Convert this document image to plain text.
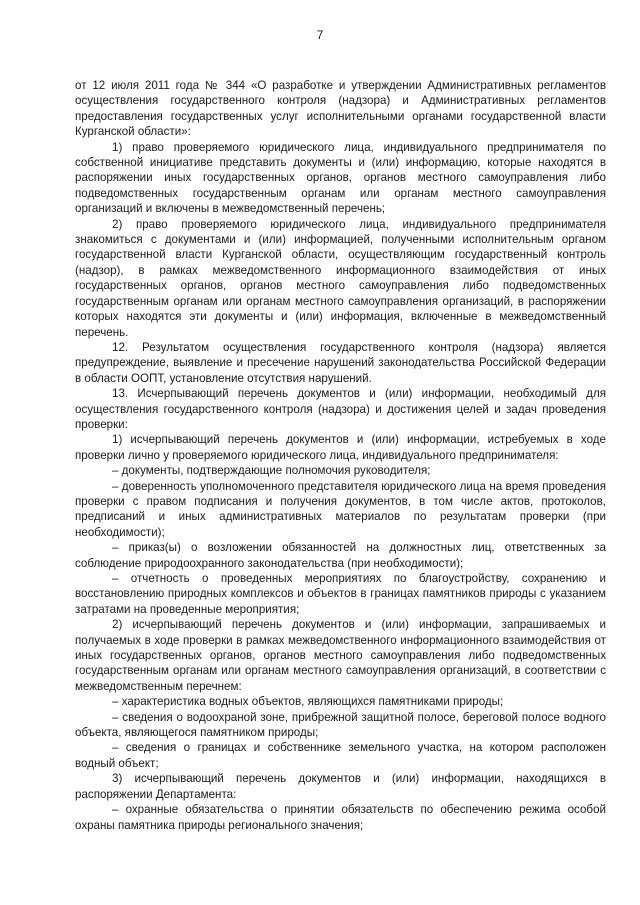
7

от 12 июля 2011 года № 344 «О разработке и утверждении Административных регламентов осуществления государственного контроля (надзора) и Административных регламентов предоставления государственных услуг исполнительными органами государственной власти Курганской области»:

1) право проверяемого юридического лица, индивидуального предпринимателя по собственной инициативе представить документы и (или) информацию, которые находятся в распоряжении иных государственных органов, органов местного самоуправления либо подведомственных государственным органам или органам местного самоуправления организаций и включены в межведомственный перечень;

2) право проверяемого юридического лица, индивидуального предпринимателя знакомиться с документами и (или) информацией, полученными исполнительным органом государственной власти Курганской области, осуществляющим государственный контроль (надзор), в рамках межведомственного информационного взаимодействия от иных государственных органов, органов местного самоуправления либо подведомственных государственным органам или органам местного самоуправления организаций, в распоряжении которых находятся эти документы и (или) информация, включенные в межведомственный перечень.

12. Результатом осуществления государственного контроля (надзора) является предупреждение, выявление и пресечение нарушений законодательства Российской Федерации в области ООПТ, установление отсутствия нарушений.

13. Исчерпывающий перечень документов и (или) информации, необходимый для осуществления государственного контроля (надзора) и достижения целей и задач проведения проверки:

1) исчерпывающий перечень документов и (или) информации, истребуемых в ходе проверки лично у проверяемого юридического лица, индивидуального предпринимателя:

– документы, подтверждающие полномочия руководителя;

– доверенность уполномоченного представителя юридического лица на время проведения проверки с правом подписания и получения документов, в том числе актов, протоколов, предписаний и иных административных материалов по результатам проверки (при необходимости);

– приказ(ы) о возложении обязанностей на должностных лиц, ответственных за соблюдение природоохранного законодательства (при необходимости);

– отчетность о проведенных мероприятиях по благоустройству, сохранению и восстановлению природных комплексов и объектов в границах памятников природы с указанием затратами на проведенные мероприятия;

2) исчерпывающий перечень документов и (или) информации, запрашиваемых и получаемых в ходе проверки в рамках межведомственного информационного взаимодействия от иных государственных органов, органов местного самоуправления либо подведомственных государственным органам или органам местного самоуправления организаций, в соответствии с межведомственным перечнем:

– характеристика водных объектов, являющихся памятниками природы;

– сведения о водоохраной зоне, прибрежной защитной полосе, береговой полосе водного объекта, являющегося памятником природы;

– сведения о границах и собственнике земельного участка, на котором расположен водный объект;

3) исчерпывающий перечень документов и (или) информации, находящихся в распоряжении Департамента:

– охранные обязательства о принятии обязательств по обеспечению режима особой охраны памятника природы регионального значения;
